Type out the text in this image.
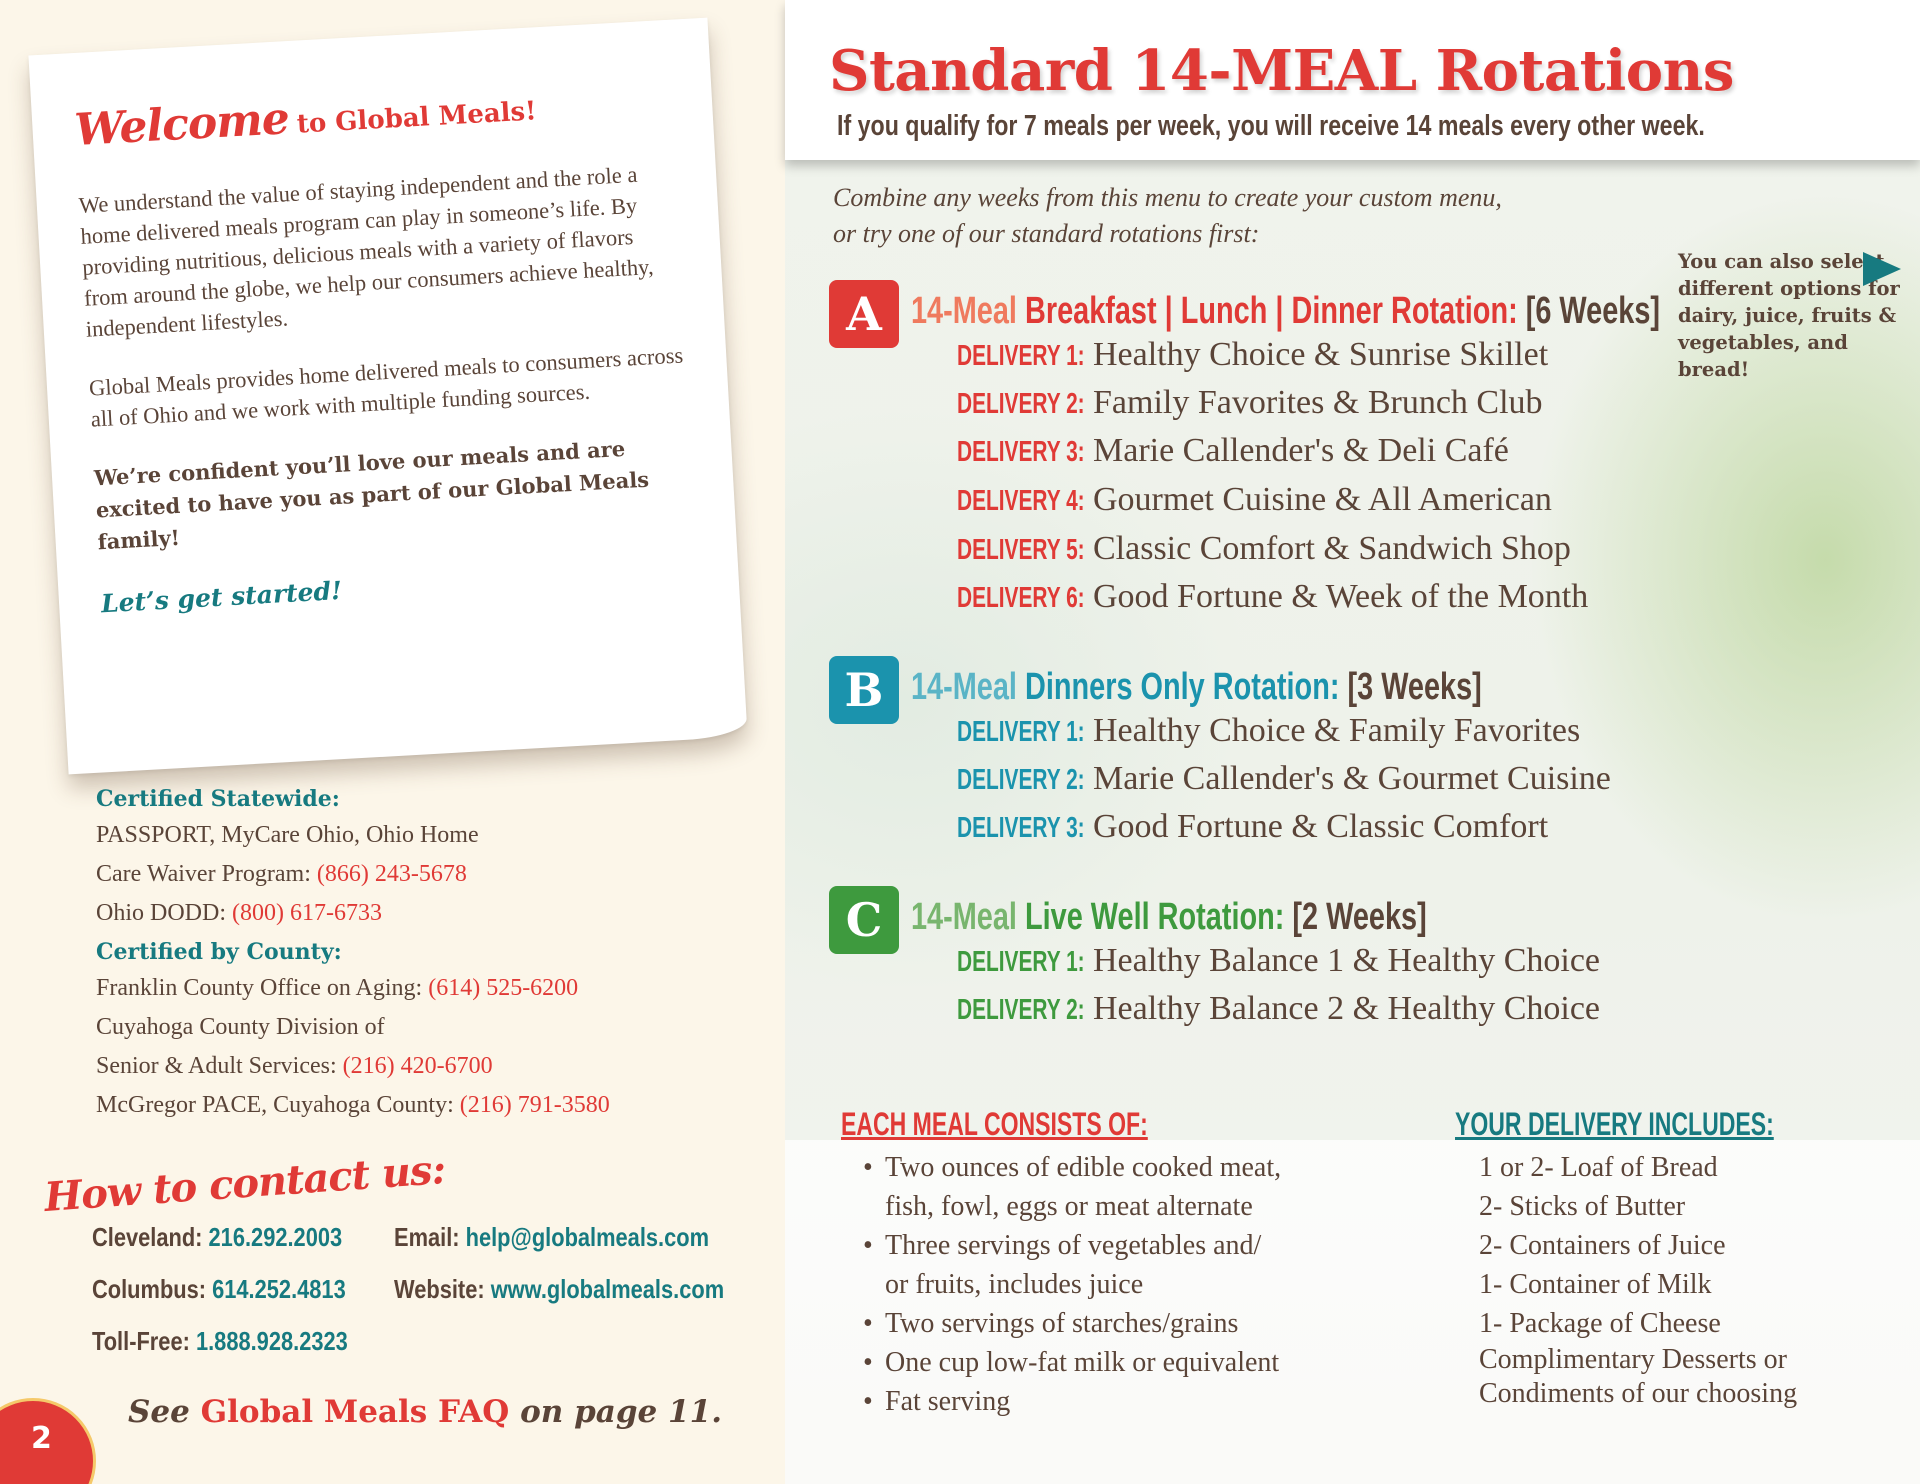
Welcome to Global Meals!

We understand the value of staying independent and the role a home delivered meals program can play in someone’s life. By providing nutritious, delicious meals with a variety of flavors from around the globe, we help our consumers achieve healthy, independent lifestyles.

Global Meals provides home delivered meals to consumers across all of Ohio and we work with multiple funding sources.

We’re confident you’ll love our meals and are excited to have you as part of our Global Meals family!

Let’s get started!

Certified Statewide:
PASSPORT, MyCare Ohio, Ohio Home
Care Waiver Program: (866) 243-5678
Ohio DODD: (800) 617-6733
Certified by County:
Franklin County Office on Aging: (614) 525-6200
Cuyahoga County Division of
Senior & Adult Services: (216) 420-6700
McGregor PACE, Cuyahoga County: (216) 791-3580
How to contact us:
Cleveland: 216.292.2003
Columbus: 614.252.4813
Toll-Free: 1.888.928.2323
Email: help@globalmeals.com
Website: www.globalmeals.com
See Global Meals FAQ on page 11.
2
Standard 14-MEAL Rotations
If you qualify for 7 meals per week, you will receive 14 meals every other week.
Combine any weeks from this menu to create your custom menu,
or try one of our standard rotations first:
You can also select different options for dairy, juice, fruits & vegetables, and bread!
A 14-Meal Breakfast | Lunch | Dinner Rotation: [6 Weeks]
DELIVERY 1: Healthy Choice & Sunrise Skillet
DELIVERY 2: Family Favorites & Brunch Club
DELIVERY 3: Marie Callender's & Deli Café
DELIVERY 4: Gourmet Cuisine & All American
DELIVERY 5: Classic Comfort & Sandwich Shop
DELIVERY 6: Good Fortune & Week of the Month
B 14-Meal Dinners Only Rotation: [3 Weeks]
DELIVERY 1: Healthy Choice & Family Favorites
DELIVERY 2: Marie Callender's & Gourmet Cuisine
DELIVERY 3: Good Fortune & Classic Comfort
C 14-Meal Live Well Rotation: [2 Weeks]
DELIVERY 1: Healthy Balance 1 & Healthy Choice
DELIVERY 2: Healthy Balance 2 & Healthy Choice
EACH MEAL CONSISTS OF:
• Two ounces of edible cooked meat,
fish, fowl, eggs or meat alternate
• Three servings of vegetables and/
or fruits, includes juice
• Two servings of starches/grains
• One cup low-fat milk or equivalent
• Fat serving
YOUR DELIVERY INCLUDES:
1 or 2- Loaf of Bread
2- Sticks of Butter
2- Containers of Juice
1- Container of Milk
1- Package of Cheese
Complimentary Desserts or
Condiments of our choosing
